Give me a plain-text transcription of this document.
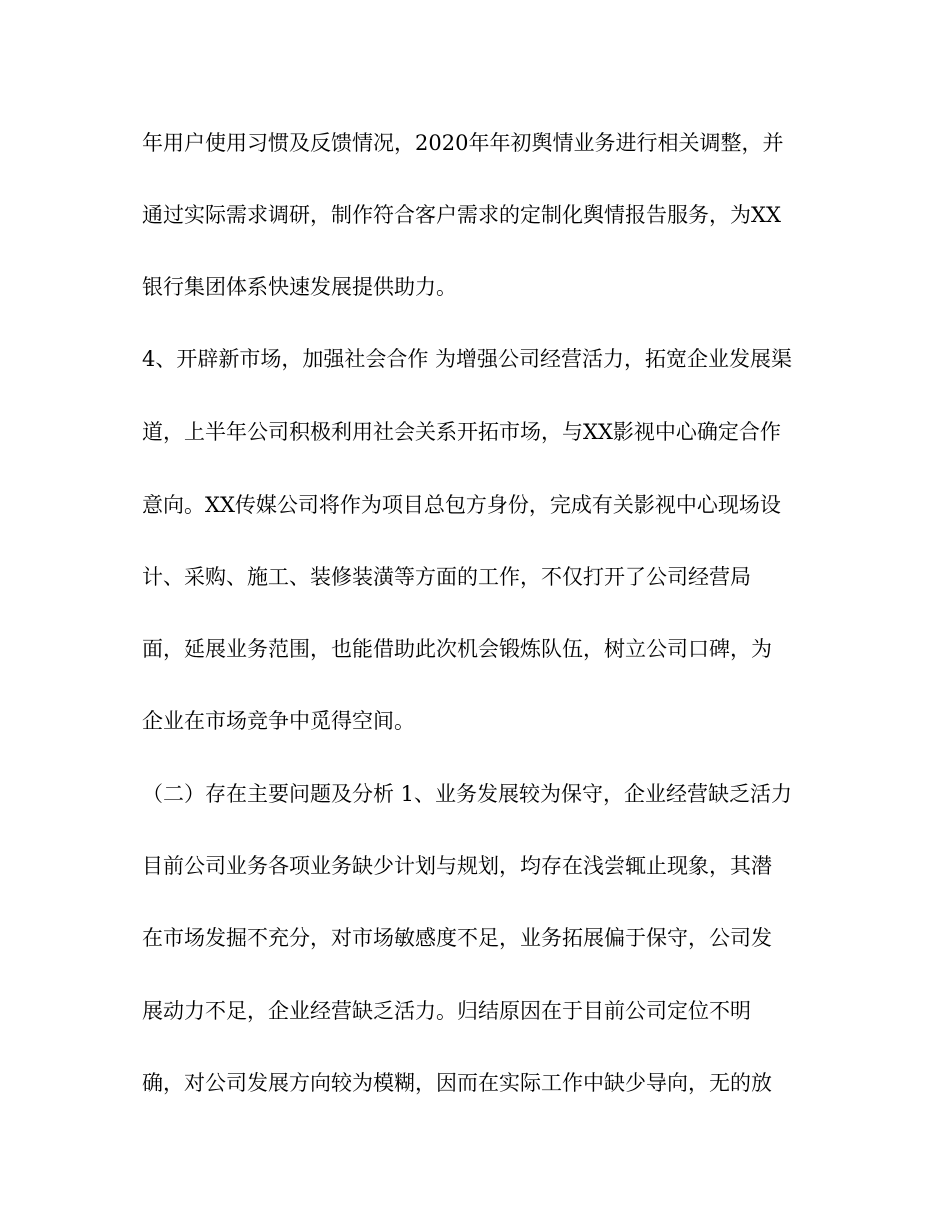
年用户使用习惯及反馈情况，2020年年初舆情业务进行相关调整，并
通过实际需求调研，制作符合客户需求的定制化舆情报告服务，为XX
银行集团体系快速发展提供助力。
4、开辟新市场，加强社会合作 为增强公司经营活力，拓宽企业发展渠
道，上半年公司积极利用社会关系开拓市场，与XX影视中心确定合作
意向。XX传媒公司将作为项目总包方身份，完成有关影视中心现场设
计、采购、施工、装修装潢等方面的工作，不仅打开了公司经营局
面，延展业务范围，也能借助此次机会锻炼队伍，树立公司口碑，为
企业在市场竞争中觅得空间。
（二）存在主要问题及分析 1、业务发展较为保守，企业经营缺乏活力
目前公司业务各项业务缺少计划与规划，均存在浅尝辄止现象，其潜
在市场发掘不充分，对市场敏感度不足，业务拓展偏于保守，公司发
展动力不足，企业经营缺乏活力。归结原因在于目前公司定位不明
确，对公司发展方向较为模糊，因而在实际工作中缺少导向，无的放
